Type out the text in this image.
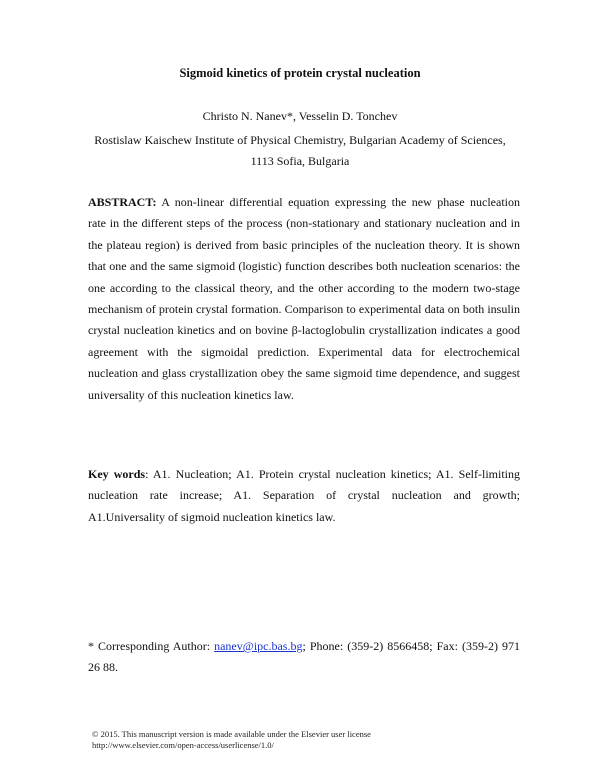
Sigmoid kinetics of protein crystal nucleation
Christo N. Nanev*, Vesselin D. Tonchev
Rostislaw Kaischew Institute of Physical Chemistry, Bulgarian Academy of Sciences,
1113 Sofia, Bulgaria
ABSTRACT: A non-linear differential equation expressing the new phase nucleation
rate in the different steps of the process (non-stationary and stationary nucleation and in
the plateau region) is derived from basic principles of the nucleation theory. It is shown
that one and the same sigmoid (logistic) function describes both nucleation scenarios: the
one according to the classical theory, and the other according to the modern two-stage
mechanism of protein crystal formation. Comparison to experimental data on both insulin
crystal nucleation kinetics and on bovine β-lactoglobulin crystallization indicates a good
agreement with the sigmoidal prediction. Experimental data for electrochemical
nucleation and glass crystallization obey the same sigmoid time dependence, and suggest
universality of this nucleation kinetics law.
Key words: A1. Nucleation; A1. Protein crystal nucleation kinetics; A1. Self-limiting
nucleation rate increase; A1. Separation of crystal nucleation and growth;
A1.Universality of sigmoid nucleation kinetics law.
* Corresponding Author: nanev@ipc.bas.bg; Phone: (359-2) 8566458; Fax: (359-2) 971
26 88.
© 2015. This manuscript version is made available under the Elsevier user license
http://www.elsevier.com/open-access/userlicense/1.0/
